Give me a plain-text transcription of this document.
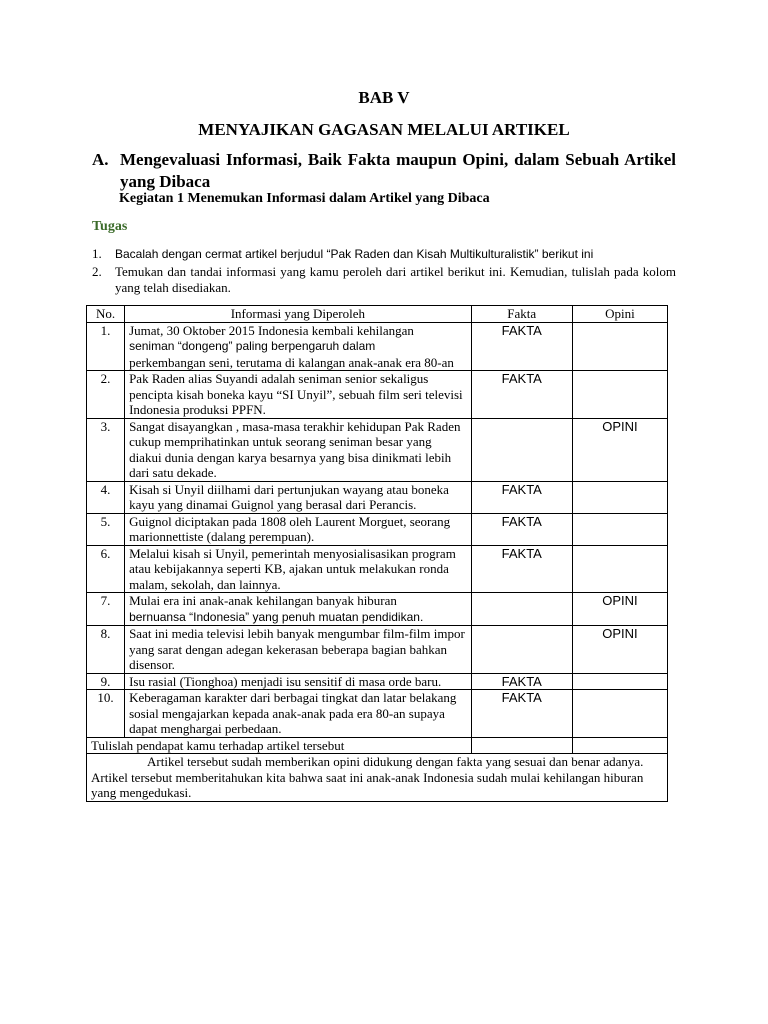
BAB V
MENYAJIKAN GAGASAN MELALUI ARTIKEL
A. Mengevaluasi Informasi, Baik Fakta maupun Opini, dalam Sebuah Artikel yang Dibaca
Kegiatan 1 Menemukan Informasi dalam Artikel yang Dibaca
Tugas
1.	Bacalah dengan cermat artikel berjudul “Pak Raden dan Kisah Multikulturalistik” berikut ini
2.	Temukan dan tandai informasi yang kamu peroleh dari artikel berikut ini. Kemudian, tulislah pada kolom yang telah disediakan.
No.	Informasi yang Diperoleh	Fakta	Opini
1.	Jumat, 30 Oktober 2015 Indonesia kembali kehilangan
seniman “dongeng” paling berpengaruh dalam
perkembangan seni, terutama di kalangan anak-anak era 80-an	FAKTA	
2.	Pak Raden alias Suyandi adalah seniman senior sekaligus pencipta kisah boneka kayu “SI Unyil”, sebuah film seri televisi Indonesia produksi PPFN.	FAKTA	
3.	Sangat disayangkan , masa-masa terakhir kehidupan Pak Raden cukup memprihatinkan untuk seorang seniman besar yang diakui dunia dengan karya besarnya yang bisa dinikmati lebih dari satu dekade.		OPINI
4.	Kisah si Unyil diilhami dari pertunjukan wayang atau boneka kayu yang dinamai Guignol yang berasal dari Perancis.	FAKTA	
5.	Guignol diciptakan pada 1808 oleh Laurent Morguet, seorang marionnettiste (dalang perempuan).	FAKTA	
6.	Melalui kisah si Unyil, pemerintah menyosialisasikan program atau kebijakannya seperti KB, ajakan untuk melakukan ronda malam, sekolah, dan lainnya.	FAKTA	
7.	Mulai era ini anak-anak kehilangan banyak hiburan
bernuansa “Indonesia” yang penuh muatan pendidikan.		OPINI
8.	Saat ini media televisi lebih banyak mengumbar film-film impor yang sarat dengan adegan kekerasan beberapa bagian bahkan disensor.		OPINI
9.	Isu rasial (Tionghoa) menjadi isu sensitif di masa orde baru.	FAKTA	
10.	Keberagaman karakter dari berbagai tingkat dan latar belakang sosial mengajarkan kepada anak-anak pada era 80-an supaya dapat menghargai perbedaan.	FAKTA	
Tulislah pendapat kamu terhadap artikel tersebut			
Artikel tersebut sudah memberikan opini didukung dengan fakta yang sesuai dan benar adanya. Artikel tersebut memberitahukan kita bahwa saat ini anak-anak Indonesia sudah mulai kehilangan hiburan yang mengedukasi.			
